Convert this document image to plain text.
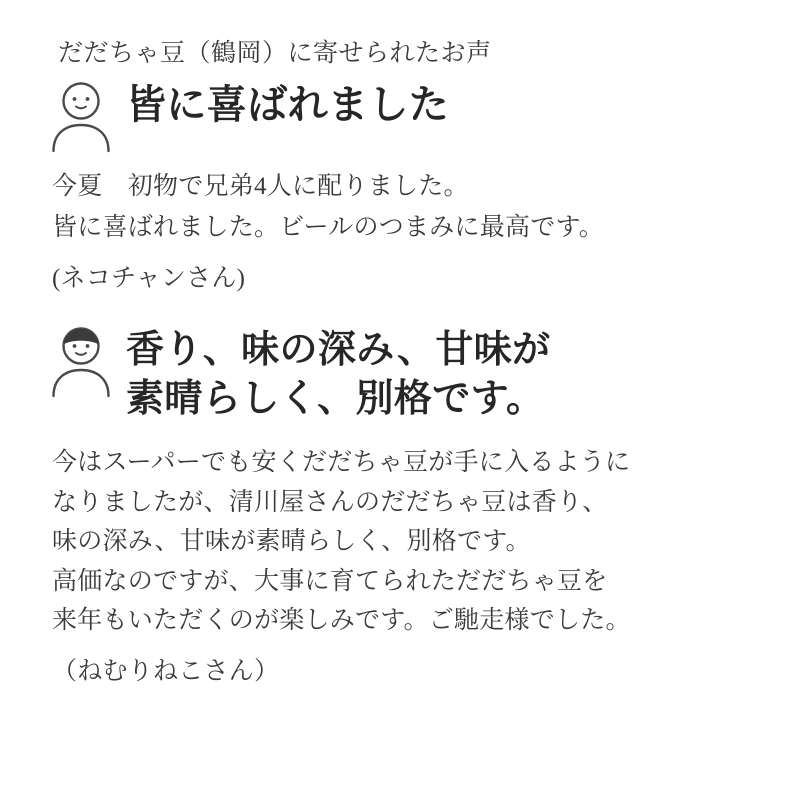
だだちゃ豆（鶴岡）に寄せられたお声

皆に喜ばれました
今夏　初物で兄弟4人に配りました。
皆に喜ばれました。ビールのつまみに最高です。
(ネコチャンさん)
香り、味の深み、甘味が
素晴らしく、別格です。
今はスーパーでも安くだだちゃ豆が手に入るように
なりましたが、清川屋さんのだだちゃ豆は香り、
味の深み、甘味が素晴らしく、別格です。
高価なのですが、大事に育てられただだちゃ豆を
来年もいただくのが楽しみです。ご馳走様でした。
（ねむりねこさん）
